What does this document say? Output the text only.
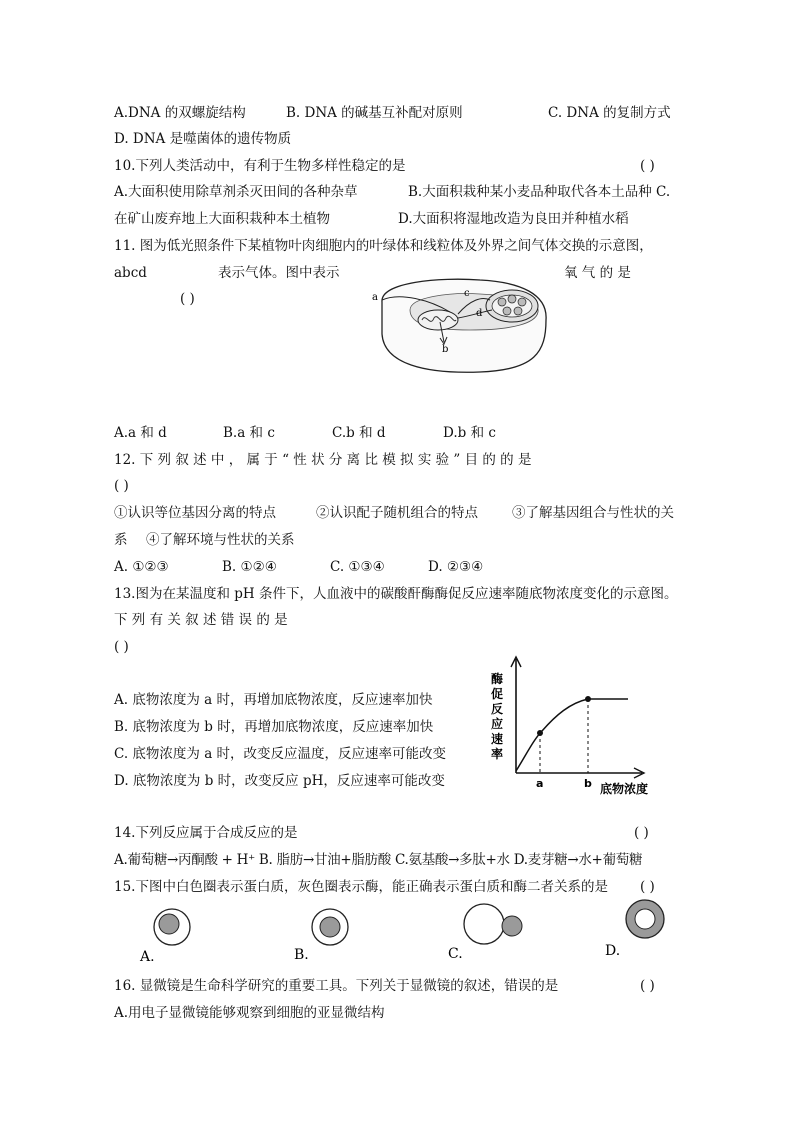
A.DNA 的双螺旋结构	B. DNA 的碱基互补配对原则	C. DNA 的复制方式
D. DNA 是噬菌体的遗传物质
10.下列人类活动中，有利于生物多样性稳定的是	( )
A.大面积使用除草剂杀灭田间的各种杂草	B.大面积栽种某小麦品种取代各本土品种 C.
在矿山废弃地上大面积栽种本土植物	D.大面积将湿地改造为良田并种植水稻
11. 图为低光照条件下某植物叶肉细胞内的叶绿体和线粒体及外界之间气体交换的示意图，
abcd	表示气体。图中表示	氧 气 的 是
( )	a
b
c
d
A.a 和 d	B.a 和 c	C.b 和 d	D.b 和 c
12. 下 列 叙 述 中 ， 属 于 “ 性 状 分 离 比 模 拟 实 验 ” 目 的 的 是
( )
①认识等位基因分离的特点	②认识配子随机组合的特点	③了解基因组合与性状的关
系 ④了解环境与性状的关系
A. ①②③	B. ①②④	C. ①③④	D. ②③④
13.图为在某温度和 pH 条件下，人血液中的碳酸酐酶酶促反应速率随底物浓度变化的示意图。
下 列 有 关 叙 述 错 误 的 是
( )
A. 底物浓度为 a 时，再增加底物浓度，反应速率加快
B. 底物浓度为 b 时，再增加底物浓度，反应速率加快
C. 底物浓度为 a 时，改变反应温度，反应速率可能改变
D. 底物浓度为 b 时，改变反应 pH，反应速率可能改变
酶
促
反
应
速
率
a	b 底物浓度
14.下列反应属于合成反应的是	( )
A.葡萄糖→丙酮酸 + H⁺ B. 脂肪→甘油+脂肪酸 C.氨基酸→多肽+水 D.麦芽糖→水+葡萄糖
15.下图中白色圈表示蛋白质，灰色圈表示酶，能正确表示蛋白质和酶二者关系的是 ( )
A.	B.	C.	D.
16. 显微镜是生命科学研究的重要工具。下列关于显微镜的叙述，错误的是	( )
A.用电子显微镜能够观察到细胞的亚显微结构
